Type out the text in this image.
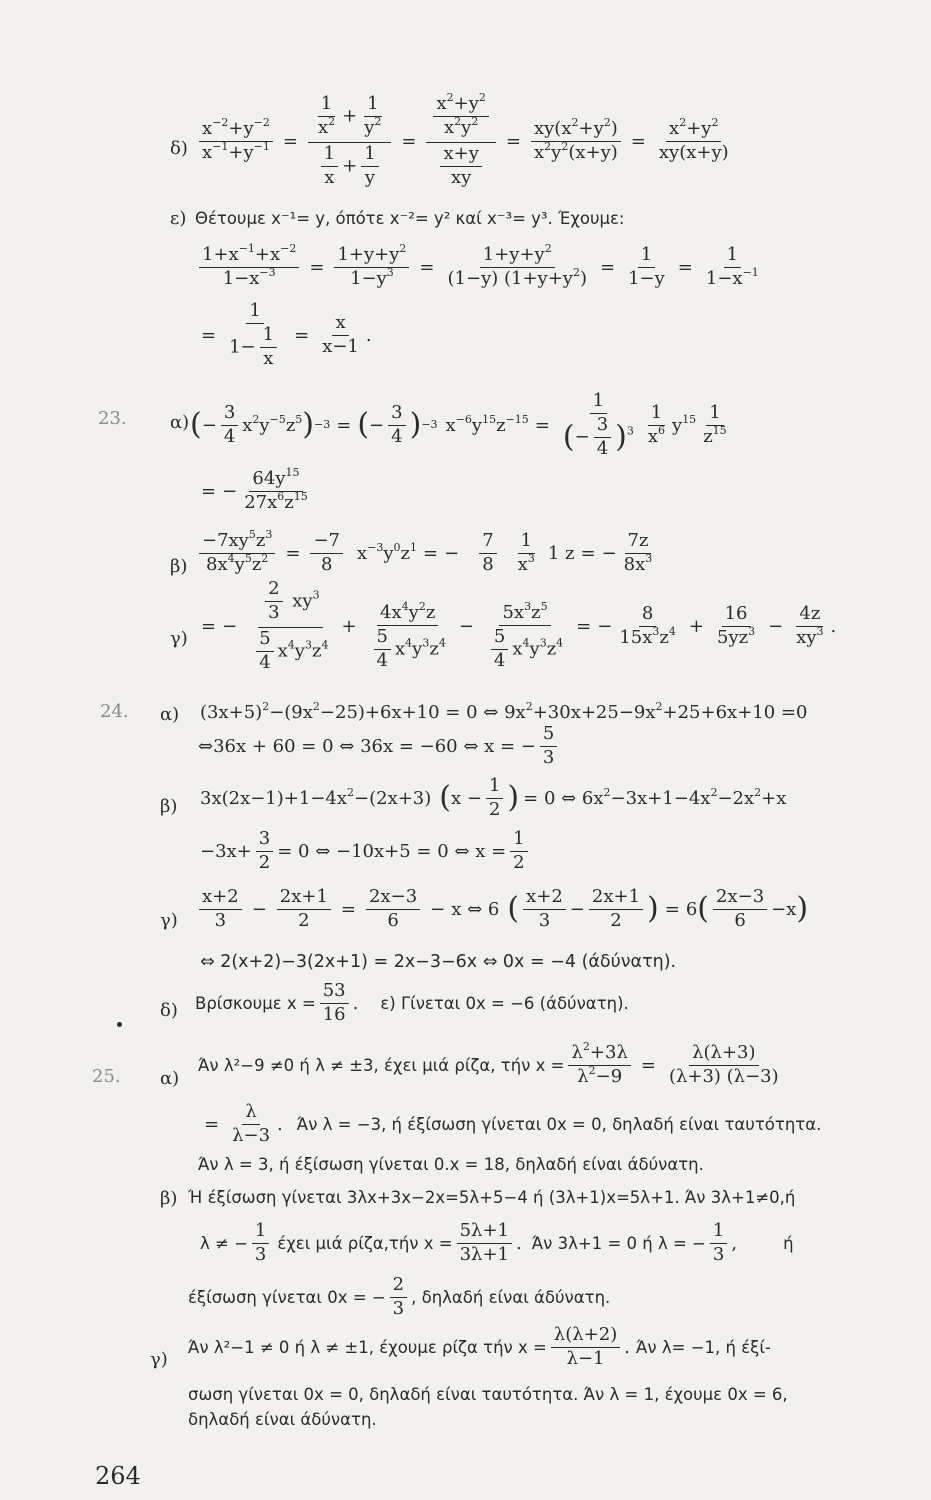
$\delta) \frac{x^{-2}+y^{-2}}{x^{-1}+y^{-1}} = \frac{\frac{1}{x^2} + \frac{1}{y^2}}{\frac{1}{x} + \frac{1}{y}} = \frac{\frac{x^2+y^2}{x^2y^2}}{\frac{x+y}{xy}} = \frac{xy(x^2+y^2)}{x^2y^2(x+y)} = \frac{x^2+y^2}{xy(x+y)}$
ε) Θέτουμε x⁻¹= y, όπότε x⁻²= y² καί x⁻³= y³. Έχουμε:
$\frac{1+x^{-1}+x^{-2}}{1-x^{-3}} = \frac{1+y+y^2}{1-y^3} = \frac{1+y+y^2}{(1-y) (1+y+y^2)} = \frac{1}{1-y} = \frac{1}{1-x^{-1}}$
= $\frac{1}{1- \frac{1}{x}} = \frac{x}{x-1}$ .
23. α) ( − $\frac{3}{4} x^2y^{-5}z^5$ ) −3 = ( − $\frac{3}{4}$ ) −3 $x^{-6}y^{15}z^{-15} = \frac{1}{(- \frac{3}{4} )^3} \frac{1}{x^6} y^{15} \frac{1}{z^{15}}$
= − $\frac{64y^{15}}{27x^6z^{15}}$
$\beta) \frac{-7xy^5z^3}{8x^4y^5z^2} = \frac{-7}{8} x^{-3}y^0z^1$ = − $\frac{7}{8} \frac{1}{x^3} 1$ z = − $\frac{7z}{8x^3}$
γ)
= − $\frac{\frac{2}{3} xy^3}{\frac{5}{4} x^4y^3z^4} + \frac{4x^4y^2z}{\frac{5}{4} x^4y^3z^4} - \frac{5x^3z^5}{\frac{5}{4} x^4y^3z^4}$ = − $\frac{8}{15x^3z^4} + \frac{16}{5yz^3} - \frac{4z}{xy^3}$ .
24. α) $(3x+5)^2-(9x^2-25)+6x+10 = 0$ ⇔ $9x^2+30x+25-9x^2+25+6x+10 =0$
⇔36x + 60 = 0 ⇔ 36x = −60 ⇔ x = − $\frac{5}{3}$
β) $3x(2x-1)+1-4x^2-(2x+3)$ ( $x - \frac{1}{2}$ ) = 0 ⇔ $6x^2-3x+1-4x^2-2x^2+x$
$-3x+ \frac{3}{2} = 0$ ⇔ −10x+5 = 0 ⇔ $x = \frac{1}{2}$
$\gamma) \frac{x+2}{3} - \frac{2x+1}{2} = \frac{2x-3}{6} - x$ ⇔ 6 ( $\frac{x+2}{3} - \frac{2x+1}{2}$ ) = 6 ( $\frac{2x-3}{6} -x$ )
⇔ 2(x+2)−3(2x+1) = 2x−3−6x ⇔ 0x = −4 (άδύνατη).
δ) Βρίσκουμε $x = \frac{53}{16}$ . ε) Γίνεται 0x = −6 (άδύνατη).
25. α)
Άν λ²−9 ≠0 ή λ ≠ ±3, έχει μιά ρίζα, τήν $x = \frac{\lambda^2+3\lambda}{\lambda^2-9} = \frac{\lambda(\lambda+3)}{(\lambda+3) (\lambda-3)}$
= $\frac{\lambda}{\lambda-3}$ . Άν λ = −3, ή έξίσωση γίνεται 0x = 0, δηλαδή είναι ταυτότητα.
Άν λ = 3, ή έξίσωση γίνεται 0.x = 18, δηλαδή είναι άδύνατη.
β) Ή έξίσωση γίνεται 3λx+3x−2x=5λ+5−4 ή (3λ+1)x=5λ+1. Άν 3λ+1≠0,ή
λ ≠ − $\frac{1}{3}$ έχει μιά ρίζα,τήν $x = \frac{5\lambda+1}{3\lambda+1}$ . Άν 3λ+1 = 0 ή λ = − $\frac{1}{3}$ ,	ή
έξίσωση γίνεται 0x = − $\frac{2}{3}$ , δηλαδή είναι άδύνατη.
γ)
Άν λ²−1 ≠ 0 ή λ ≠ ±1, έχουμε ρίζα τήν $x = \frac{\lambda(\lambda+2)}{\lambda-1}$ . Άν λ= −1, ή έξί-
σωση γίνεται 0x = 0, δηλαδή είναι ταυτότητα. Άν λ = 1, έχουμε 0x = 6,
δηλαδή είναι άδύνατη.
264
